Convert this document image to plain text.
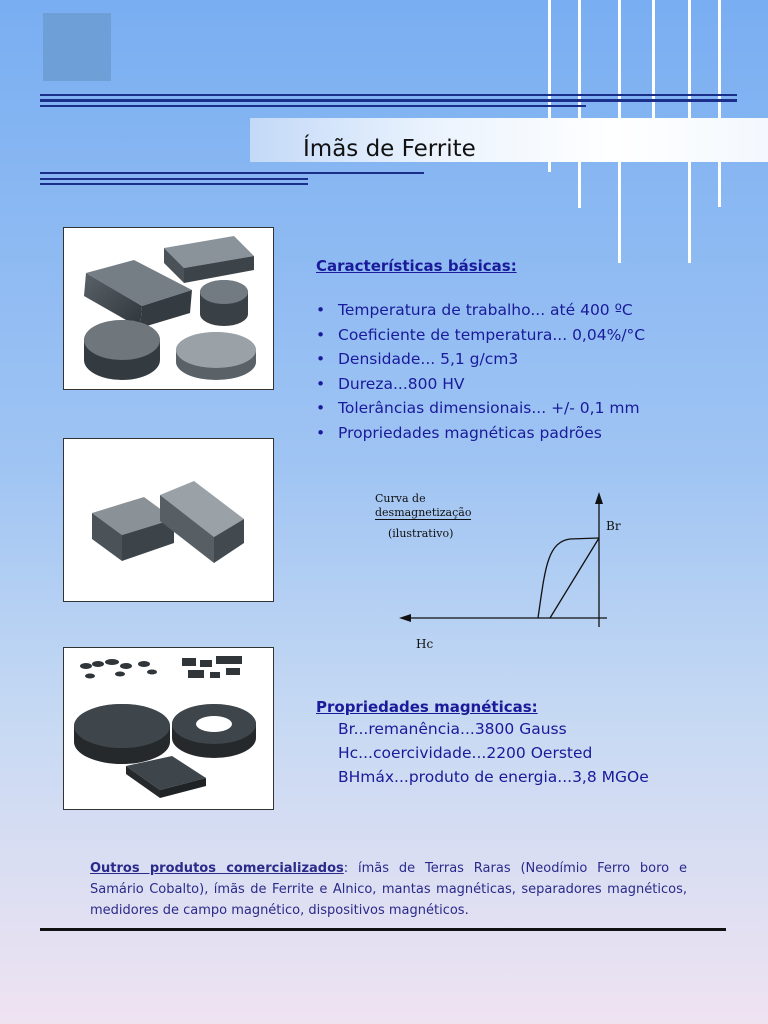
Ímãs de Ferrite
Características básicas:
• Temperatura de trabalho... até 400 ºC
• Coeficiente de temperatura... 0,04%/°C
• Densidade... 5,1 g/cm3
• Dureza...800 HV
• Tolerâncias dimensionais... +/- 0,1 mm
• Propriedades magnéticas padrões
Curva de
desmagnetização
(ilustrativo)
Br
Hc
Propriedades magnéticas:
Br...remanência...3800 Gauss
Hc...coercividade...2200 Oersted
BHmáx...produto de energia...3,8 MGOe
Outros produtos comercializados: ímãs de Terras Raras (Neodímio Ferro boro e Samário Cobalto), ímãs de Ferrite e Alnico, mantas magnéticas, separadores magnéticos, medidores de campo magnético, dispositivos magnéticos.
